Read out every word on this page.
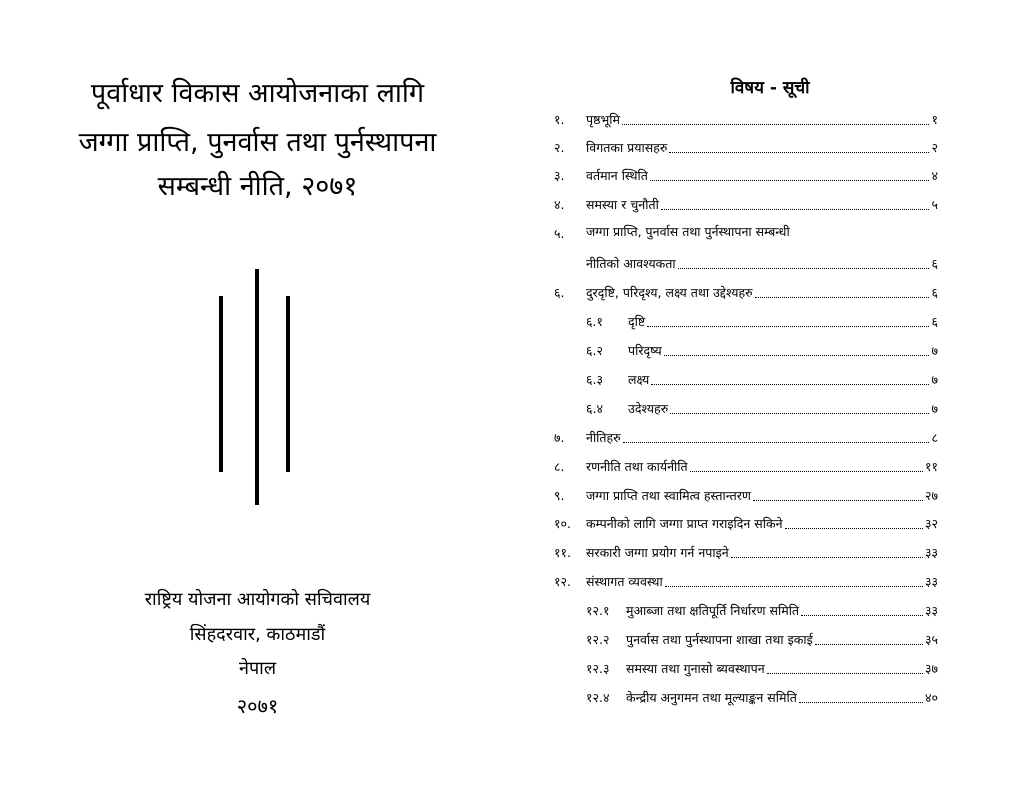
पूर्वाधार विकास आयोजनाका लागि
जग्गा प्राप्ति, पुनर्वास तथा पुर्नस्थापना
सम्बन्धी नीति, २०७१

राष्ट्रिय योजना आयोगको सचिवालय

सिंहदरवार, काठमाडौं

नेपाल

२०७१

विषय - सूची
१. पृष्ठभूमि	१
२. विगतका प्रयासहरु	२
३. वर्तमान स्थिति	४
४. समस्या र चुनौती	५
५. जग्गा प्राप्ति, पुनर्वास तथा पुर्नस्थापना सम्बन्धी
नीतिको आवश्यकता	६
६. दुरदृष्टि, परिदृश्य, लक्ष्य तथा उद्देश्यहरु	६
६.१	दृष्टि	६
६.२	परिदृष्य	७
६.३	लक्ष्य	७
६.४	उदेश्यहरु	७
७. नीतिहरु	८
८. रणनीति तथा कार्यनीति	११
९. जग्गा प्राप्ति तथा स्वामित्व हस्तान्तरण	२७
१०. कम्पनीको लागि जग्गा प्राप्त गराइदिन सकिने	३२
११. सरकारी जग्गा प्रयोग गर्न नपाइने	३३
१२. संस्थागत व्यवस्था	३३
१२.१	मुआब्जा तथा क्षतिपूर्ति निर्धारण समिति	३३
१२.२	पुनर्वास तथा पुर्नस्थापना शाखा तथा इकाई	३५
१२.३	समस्या तथा गुनासो ब्यवस्थापन	३७
१२.४	केन्द्रीय अनुगमन तथा मूल्याङ्कन समिति	४०
